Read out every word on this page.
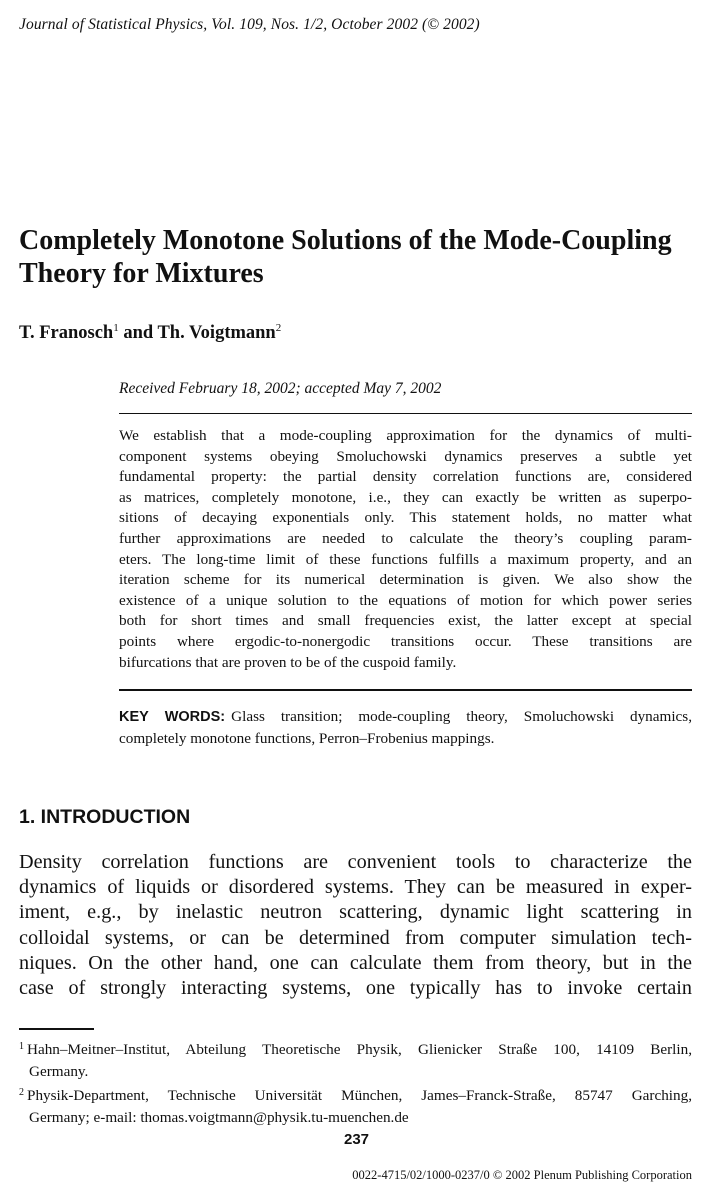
Journal of Statistical Physics, Vol. 109, Nos. 1/2, October 2002 (© 2002)
Completely Monotone Solutions of the Mode-Coupling
Theory for Mixtures
T. Franosch$^1$ and Th. Voigtmann$^2$
Received February 18, 2002; accepted May 7, 2002
We establish that a mode-coupling approximation for the dynamics of multi-
component systems obeying Smoluchowski dynamics preserves a subtle yet
fundamental property: the partial density correlation functions are, considered
as matrices, completely monotone, i.e., they can exactly be written as superpo-
sitions of decaying exponentials only. This statement holds, no matter what
further approximations are needed to calculate the theory’s coupling param-
eters. The long-time limit of these functions fulfills a maximum property, and an
iteration scheme for its numerical determination is given. We also show the
existence of a unique solution to the equations of motion for which power series
both for short times and small frequencies exist, the latter except at special
points where ergodic-to-nonergodic transitions occur. These transitions are
bifurcations that are proven to be of the cuspoid family.
KEY WORDS: Glass transition; mode-coupling theory, Smoluchowski dynamics,
completely monotone functions, Perron–Frobenius mappings.
1. INTRODUCTION
Density correlation functions are convenient tools to characterize the
dynamics of liquids or disordered systems. They can be measured in exper-
iment, e.g., by inelastic neutron scattering, dynamic light scattering in
colloidal systems, or can be determined from computer simulation tech-
niques. On the other hand, one can calculate them from theory, but in the
case of strongly interacting systems, one typically has to invoke certain
$^1$ Hahn–Meitner–Institut, Abteilung Theoretische Physik, Glienicker Straße 100, 14109 Berlin,
Germany.
$^2$ Physik-Department, Technische Universität München, James–Franck-Straße, 85747 Garching,
Germany; e-mail: thomas.voigtmann@physik.tu-muenchen.de
237
0022-4715/02/1000-0237/0 © 2002 Plenum Publishing Corporation
